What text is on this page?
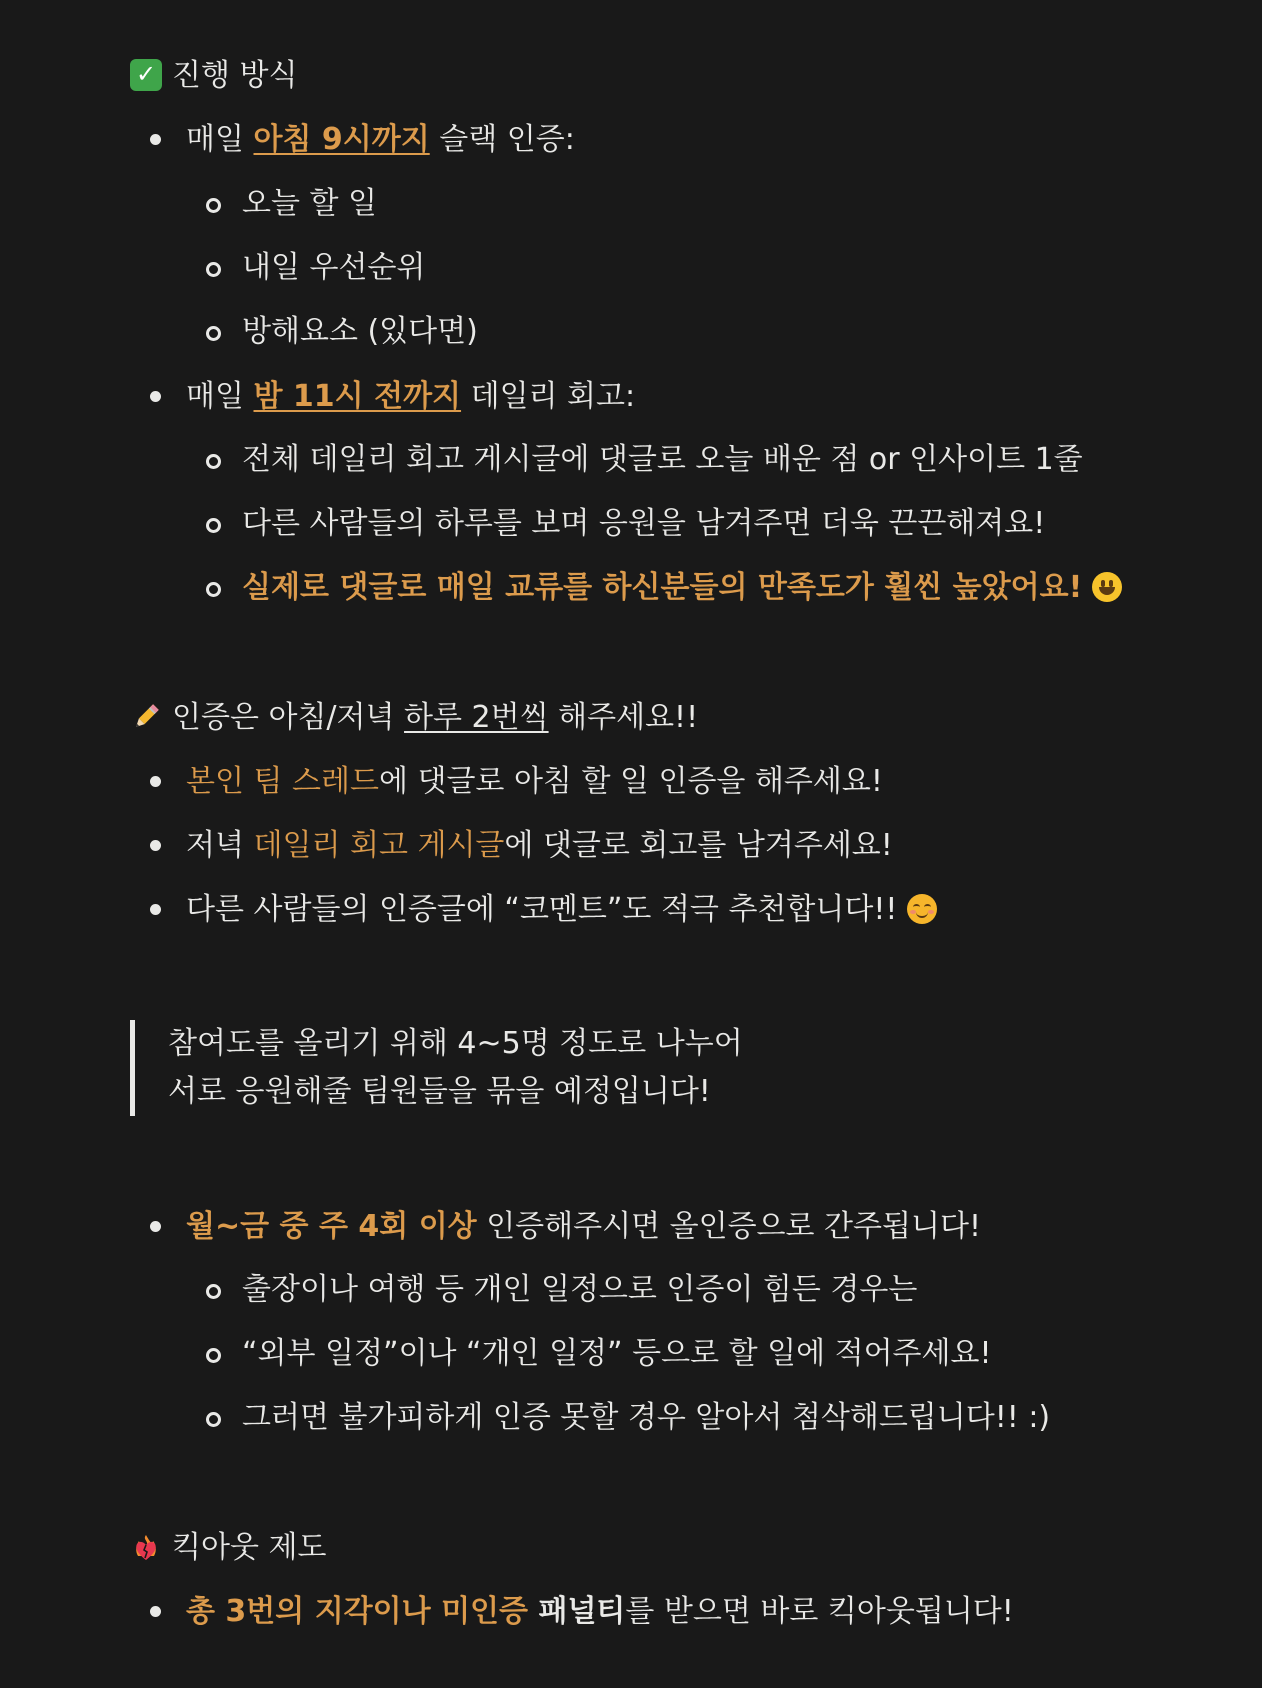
✓ 진행 방식
매일 아침 9시까지 슬랙 인증:
오늘 할 일
내일 우선순위
방해요소 (있다면)
매일 밤 11시 전까지 데일리 회고:
전체 데일리 회고 게시글에 댓글로 오늘 배운 점 or 인사이트 1줄
다른 사람들의 하루를 보며 응원을 남겨주면 더욱 끈끈해져요!
실제로 댓글로 매일 교류를 하신분들의 만족도가 훨씬 높았어요!
인증은 아침/저녁 하루 2번씩 해주세요!!
본인 팀 스레드 에 댓글로 아침 할 일 인증을 해주세요!
저녁 데일리 회고 게시글 에 댓글로 회고를 남겨주세요!
다른 사람들의 인증글에 “코멘트”도 적극 추천합니다!!
참여도를 올리기 위해 4~5명 정도로 나누어
서로 응원해줄 팀원들을 묶을 예정입니다!
월~금 중 주 4회 이상 인증해주시면 올인증으로 간주됩니다!
출장이나 여행 등 개인 일정으로 인증이 힘든 경우는
“외부 일정”이나 “개인 일정” 등으로 할 일에 적어주세요!
그러면 불가피하게 인증 못할 경우 알아서 첨삭해드립니다!! :)
킥아웃 제도
총 3번의 지각이나 미인증 패널티 를 받으면 바로 킥아웃됩니다!
